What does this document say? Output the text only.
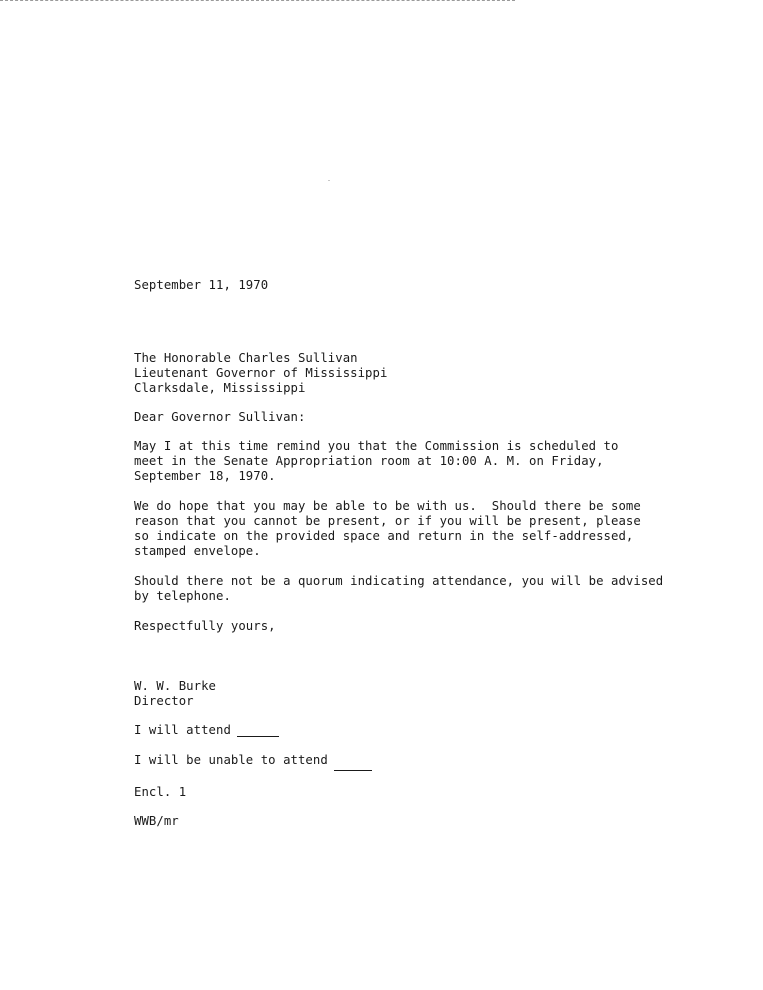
September 11, 1970
The Honorable Charles Sullivan
Lieutenant Governor of Mississippi
Clarksdale, Mississippi
Dear Governor Sullivan:
May I at this time remind you that the Commission is scheduled to
meet in the Senate Appropriation room at 10:00 A. M. on Friday,
September 18, 1970.
We do hope that you may be able to be with us.  Should there be some
reason that you cannot be present, or if you will be present, please
so indicate on the provided space and return in the self-addressed,
stamped envelope.
Should there not be a quorum indicating attendance, you will be advised
by telephone.
Respectfully yours,
W. W. Burke
Director
I will attend
I will be unable to attend
Encl. 1
WWB/mr
